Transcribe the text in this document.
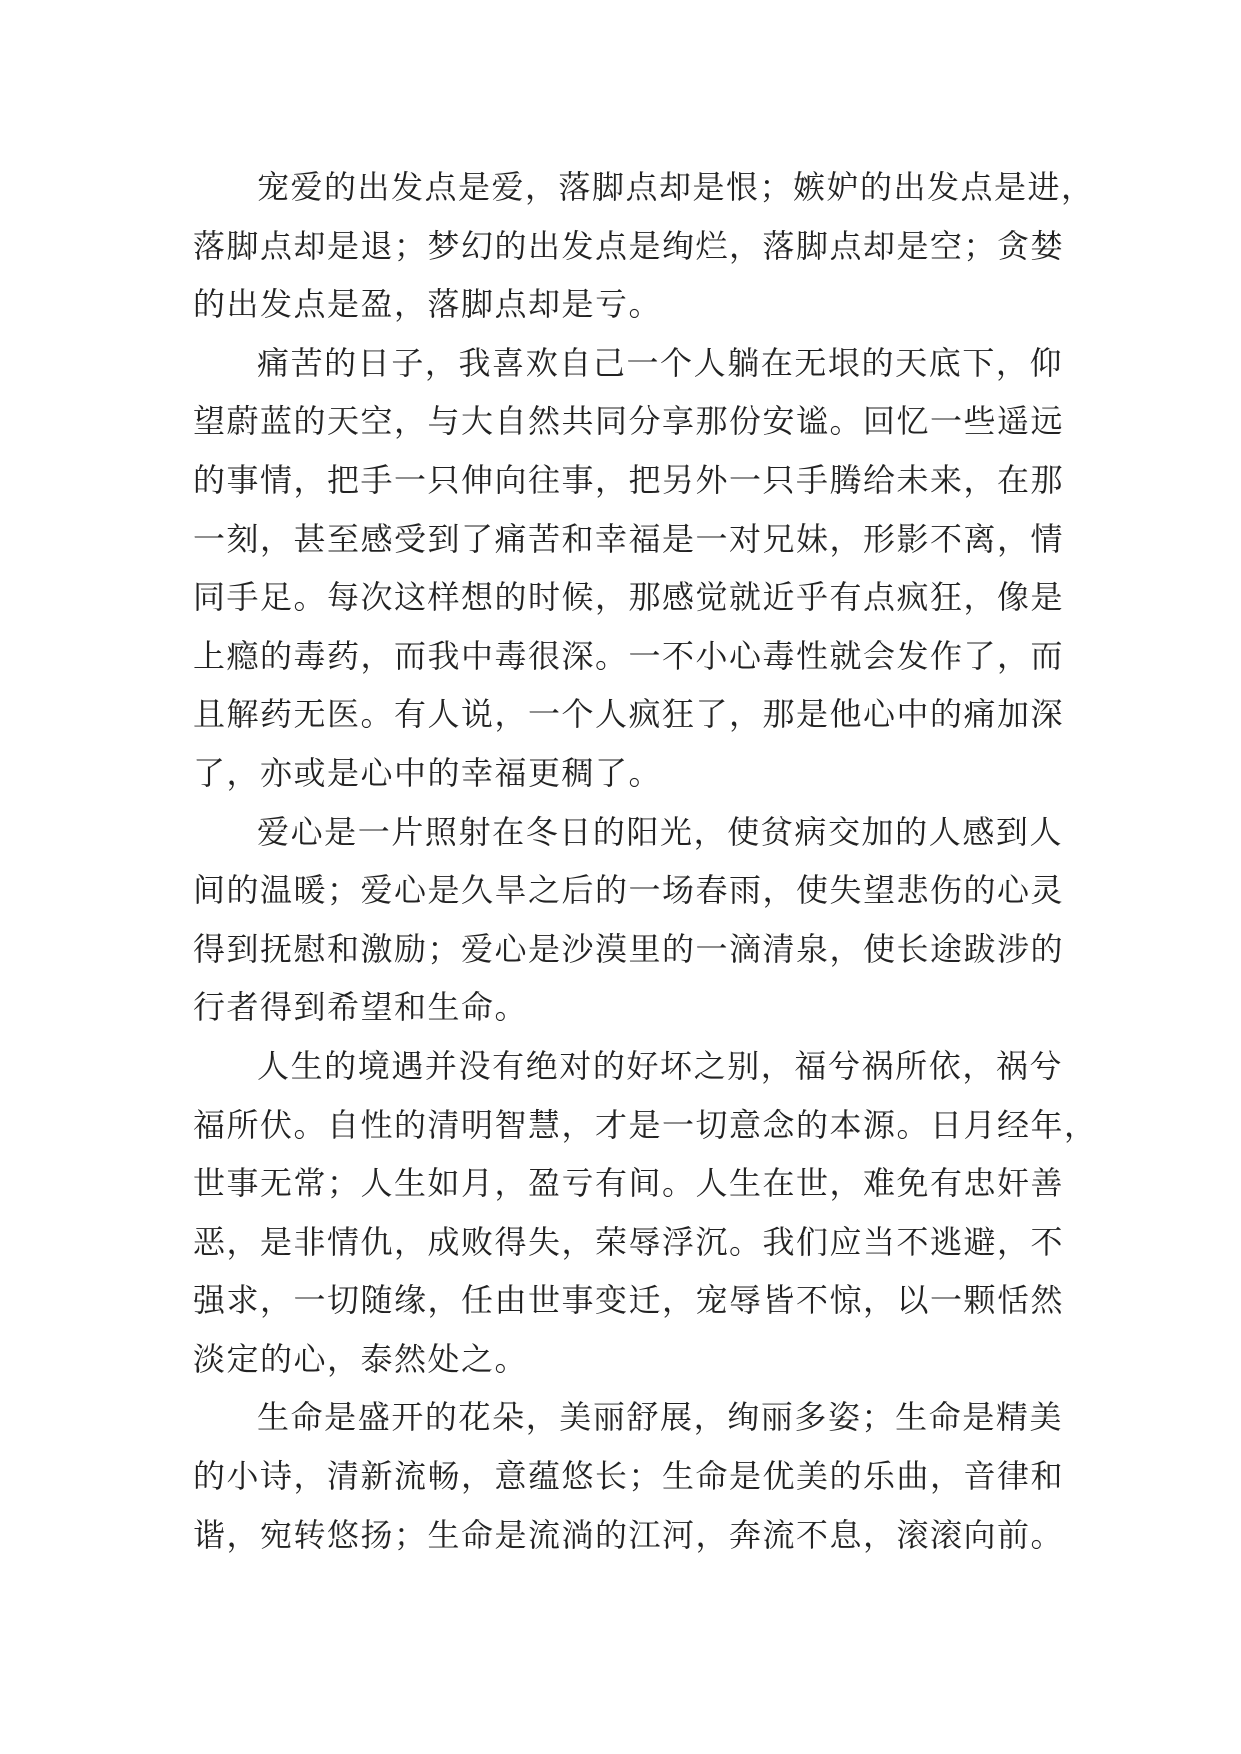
宠爱的出发点是爱，落脚点却是恨；嫉妒的出发点是进，
落脚点却是退；梦幻的出发点是绚烂，落脚点却是空；贪婪
的出发点是盈，落脚点却是亏。
痛苦的日子，我喜欢自己一个人躺在无垠的天底下，仰
望蔚蓝的天空，与大自然共同分享那份安谧。回忆一些遥远
的事情，把手一只伸向往事，把另外一只手腾给未来，在那
一刻，甚至感受到了痛苦和幸福是一对兄妹，形影不离，情
同手足。每次这样想的时候，那感觉就近乎有点疯狂，像是
上瘾的毒药，而我中毒很深。一不小心毒性就会发作了，而
且解药无医。有人说，一个人疯狂了，那是他心中的痛加深
了，亦或是心中的幸福更稠了。
爱心是一片照射在冬日的阳光，使贫病交加的人感到人
间的温暖；爱心是久旱之后的一场春雨，使失望悲伤的心灵
得到抚慰和激励；爱心是沙漠里的一滴清泉，使长途跋涉的
行者得到希望和生命。
人生的境遇并没有绝对的好坏之别，福兮祸所依，祸兮
福所伏。自性的清明智慧，才是一切意念的本源。日月经年，
世事无常；人生如月，盈亏有间。人生在世，难免有忠奸善
恶，是非情仇，成败得失，荣辱浮沉。我们应当不逃避，不
强求，一切随缘，任由世事变迁，宠辱皆不惊，以一颗恬然
淡定的心，泰然处之。
生命是盛开的花朵，美丽舒展，绚丽多姿；生命是精美
的小诗，清新流畅，意蕴悠长；生命是优美的乐曲，音律和
谐，宛转悠扬；生命是流淌的江河，奔流不息，滚滚向前。
